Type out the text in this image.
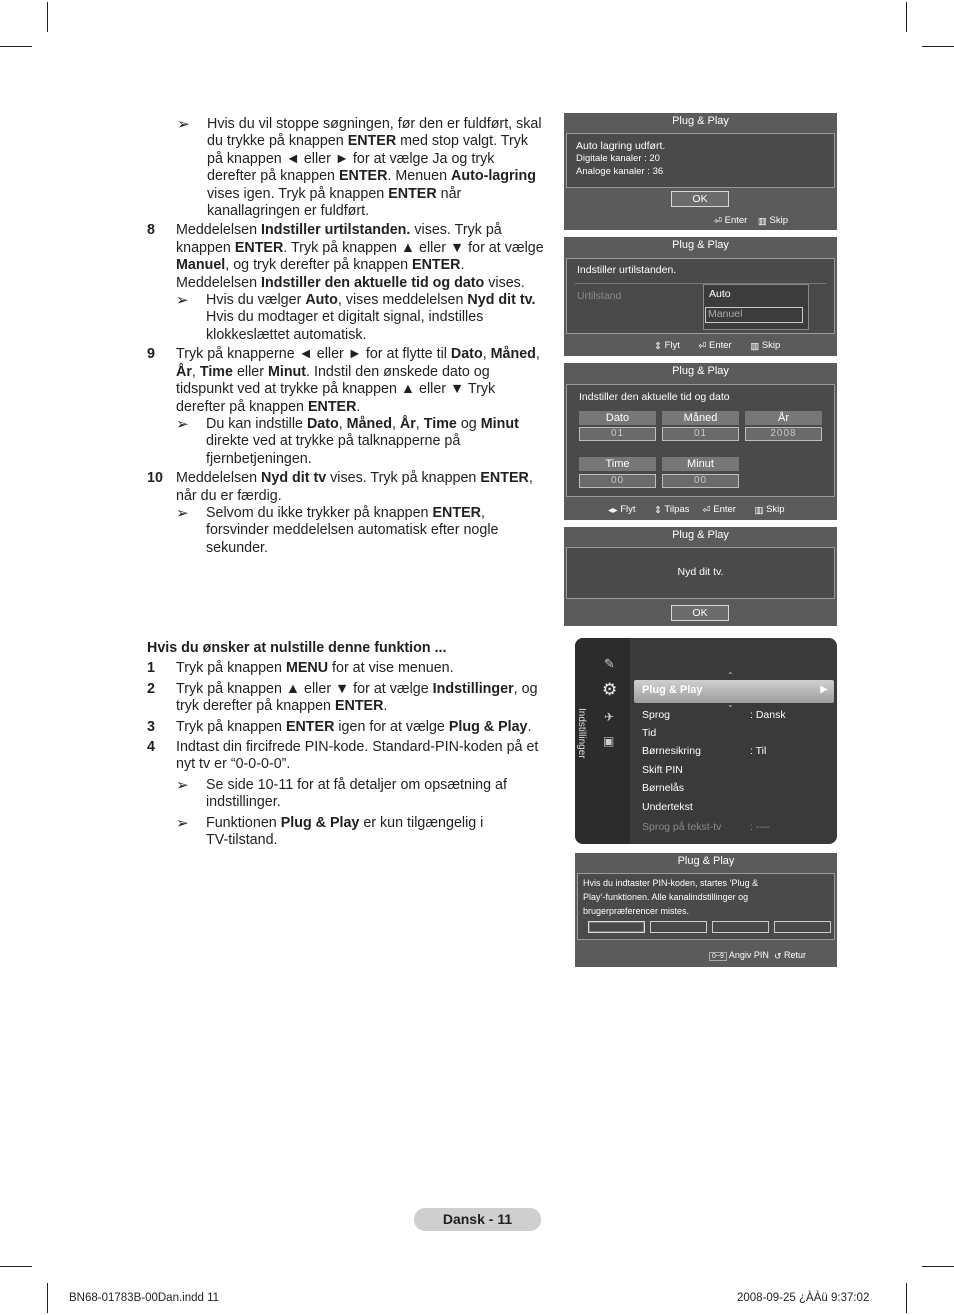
➢ Hvis du vil stoppe søgningen, før den er fuldført, skal du trykke på knappen ENTER med stop valgt. Tryk på knappen ◄ eller ► for at vælge Ja og tryk derefter på knappen ENTER. Menuen Auto-lagring vises igen. Tryk på knappen ENTER når kanallagringen er fuldført.
8 Meddelelsen Indstiller urtilstanden. vises. Tryk på knappen ENTER. Tryk på knappen ▲ eller ▼ for at vælge Manuel, og tryk derefter på knappen ENTER. Meddelelsen Indstiller den aktuelle tid og dato vises.
➢ Hvis du vælger Auto, vises meddelelsen Nyd dit tv. Hvis du modtager et digitalt signal, indstilles klokkeslættet automatisk.
9 Tryk på knapperne ◄ eller ► for at flytte til Dato, Måned, År, Time eller Minut. Indstil den ønskede dato og tidspunkt ved at trykke på knappen ▲ eller ▼ Tryk derefter på knappen ENTER.
➢ Du kan indstille Dato, Måned, År, Time og Minut direkte ved at trykke på talknapperne på fjernbetjeningen.
10 Meddelelsen Nyd dit tv vises. Tryk på knappen ENTER, når du er færdig.
➢ Selvom du ikke trykker på knappen ENTER, forsvinder meddelelsen automatisk efter nogle sekunder.
Hvis du ønsker at nulstille denne funktion ...
1 Tryk på knappen MENU for at vise menuen.
2 Tryk på knappen ▲ eller ▼ for at vælge Indstillinger, og tryk derefter på knappen ENTER.
3 Tryk på knappen ENTER igen for at vælge Plug & Play.
4 Indtast din fircifrede PIN-kode. Standard-PIN-koden på et nyt tv er “0-0-0-0”.
➢ Se side 10-11 for at få detaljer om opsætning af indstillinger.
➢ Funktionen Plug & Play er kun tilgængelig i TV-tilstand.
Plug & Play
Auto lagring udført.
Digitale kanaler : 20
Analoge kanaler : 36
OK
⏎ Enter ▥ Skip
Plug & Play
Indstiller urtilstanden.
Urtilstand	Auto
Manuel
⇕ Flyt ⏎ Enter ▥ Skip
Plug & Play
Indstiller den aktuelle tid og dato
Dato	Måned	År
01	01	2008
Time	Minut
00	00
◂▸ Flyt ⇕ Tilpas ⏎ Enter ▥ Skip
Plug & Play
Nyd dit tv.
OK
Indstillinger
✎
⚙
✈
▣
⌃
Plug & Play	▶
⌄
Sprog	: Dansk
Tid
Børnesikring	: Til
Skift PIN
Børnelås
Undertekst
Sprog på tekst-tv	: ----
Plug & Play
Hvis du indtaster PIN-koden, startes ‘Plug & Play’-funktionen. Alle kanalindstillinger og brugerpræferencer mistes.
0~9 Angiv PIN ↺ Retur
Dansk - 11
BN68-01783B-00Dan.indd 11	2008-09-25 ¿ÀÀü 9:37:02
